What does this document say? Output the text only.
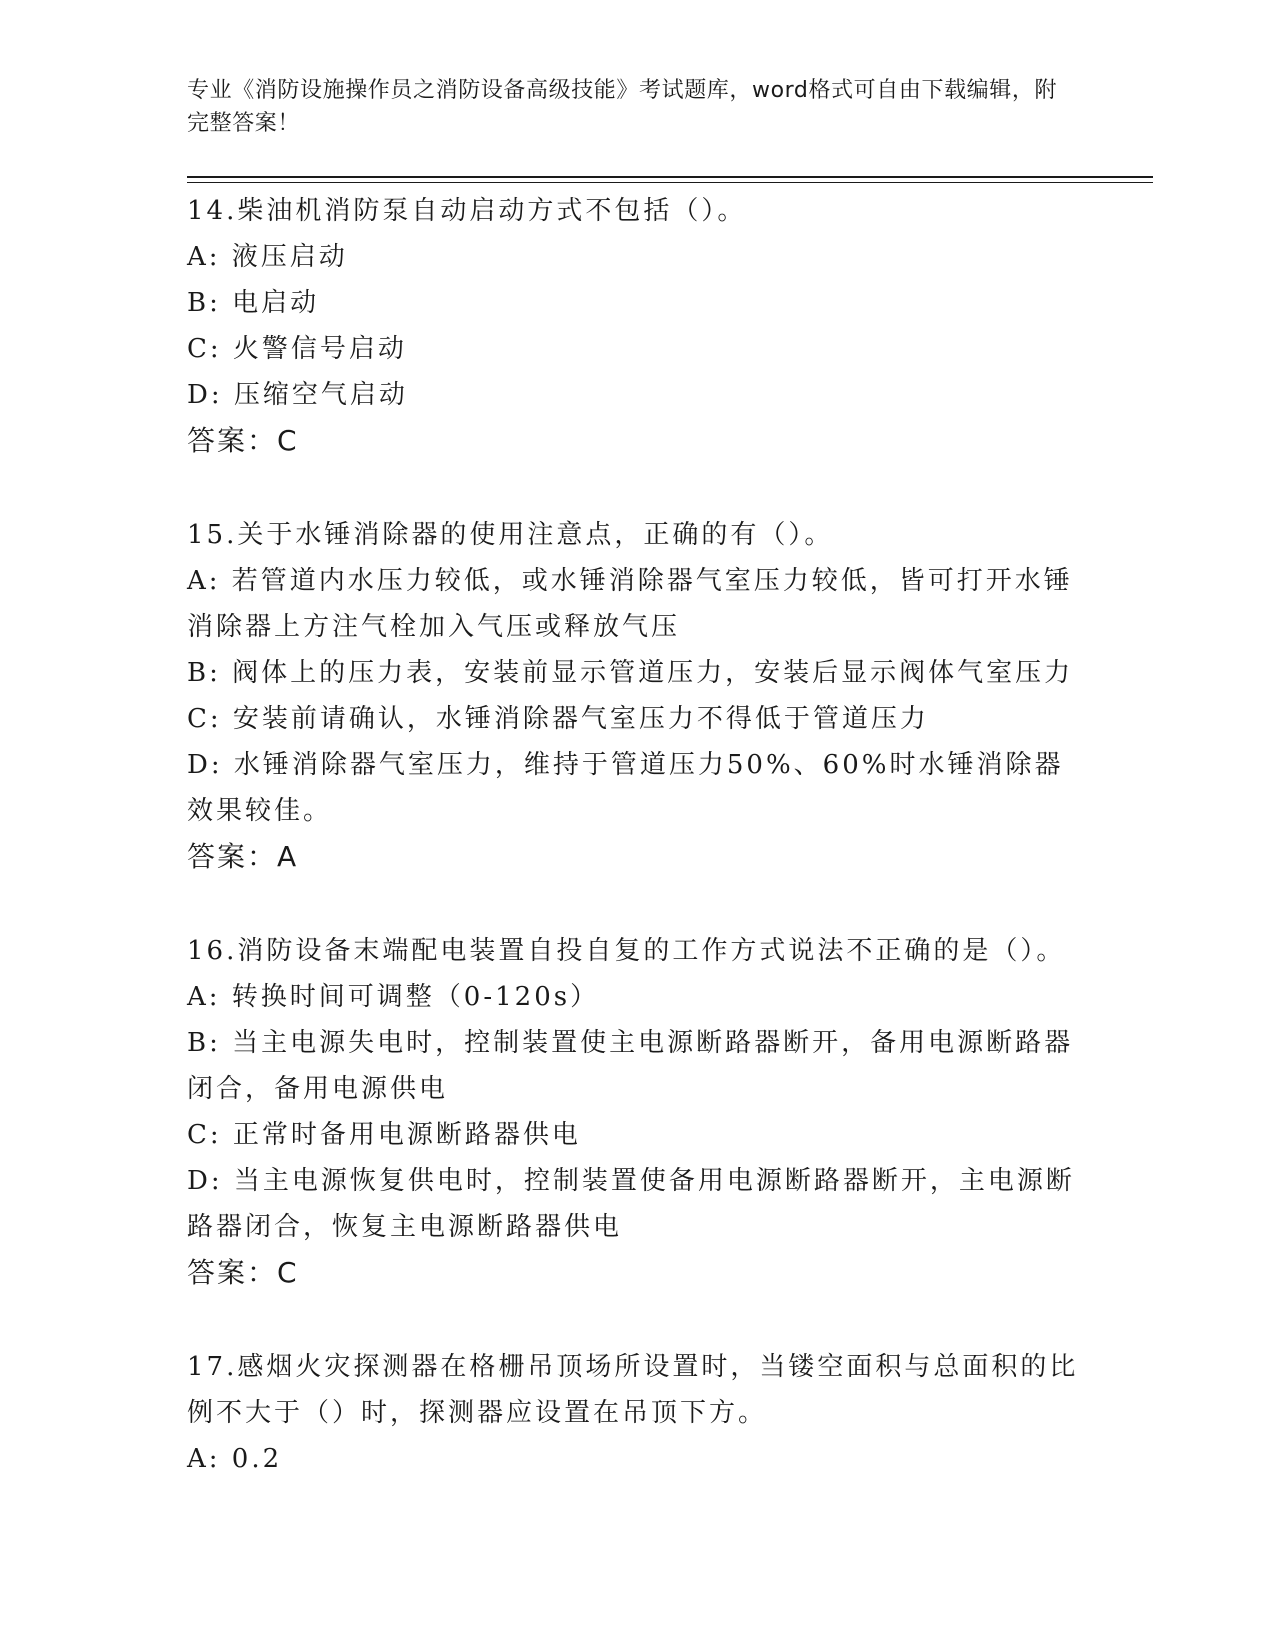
专业《消防设施操作员之消防设备高级技能》考试题库，word格式可自由下载编辑，附完整答案！
14.柴油机消防泵自动启动方式不包括（）。
A: 液压启动
B: 电启动
C: 火警信号启动
D: 压缩空气启动
答案：C
15.关于水锤消除器的使用注意点，正确的有（）。
A: 若管道内水压力较低，或水锤消除器气室压力较低，皆可打开水锤消除器上方注气栓加入气压或释放气压
B: 阀体上的压力表，安装前显示管道压力，安装后显示阀体气室压力
C: 安装前请确认，水锤消除器气室压力不得低于管道压力
D: 水锤消除器气室压力，维持于管道压力50%、60%时水锤消除器效果较佳。
答案：A
16.消防设备末端配电装置自投自复的工作方式说法不正确的是（）。
A: 转换时间可调整（0-120s）
B: 当主电源失电时，控制装置使主电源断路器断开，备用电源断路器闭合，备用电源供电
C: 正常时备用电源断路器供电
D: 当主电源恢复供电时，控制装置使备用电源断路器断开，主电源断路器闭合，恢复主电源断路器供电
答案：C
17.感烟火灾探测器在格栅吊顶场所设置时，当镂空面积与总面积的比例不大于（）时，探测器应设置在吊顶下方。
A: 0.2
